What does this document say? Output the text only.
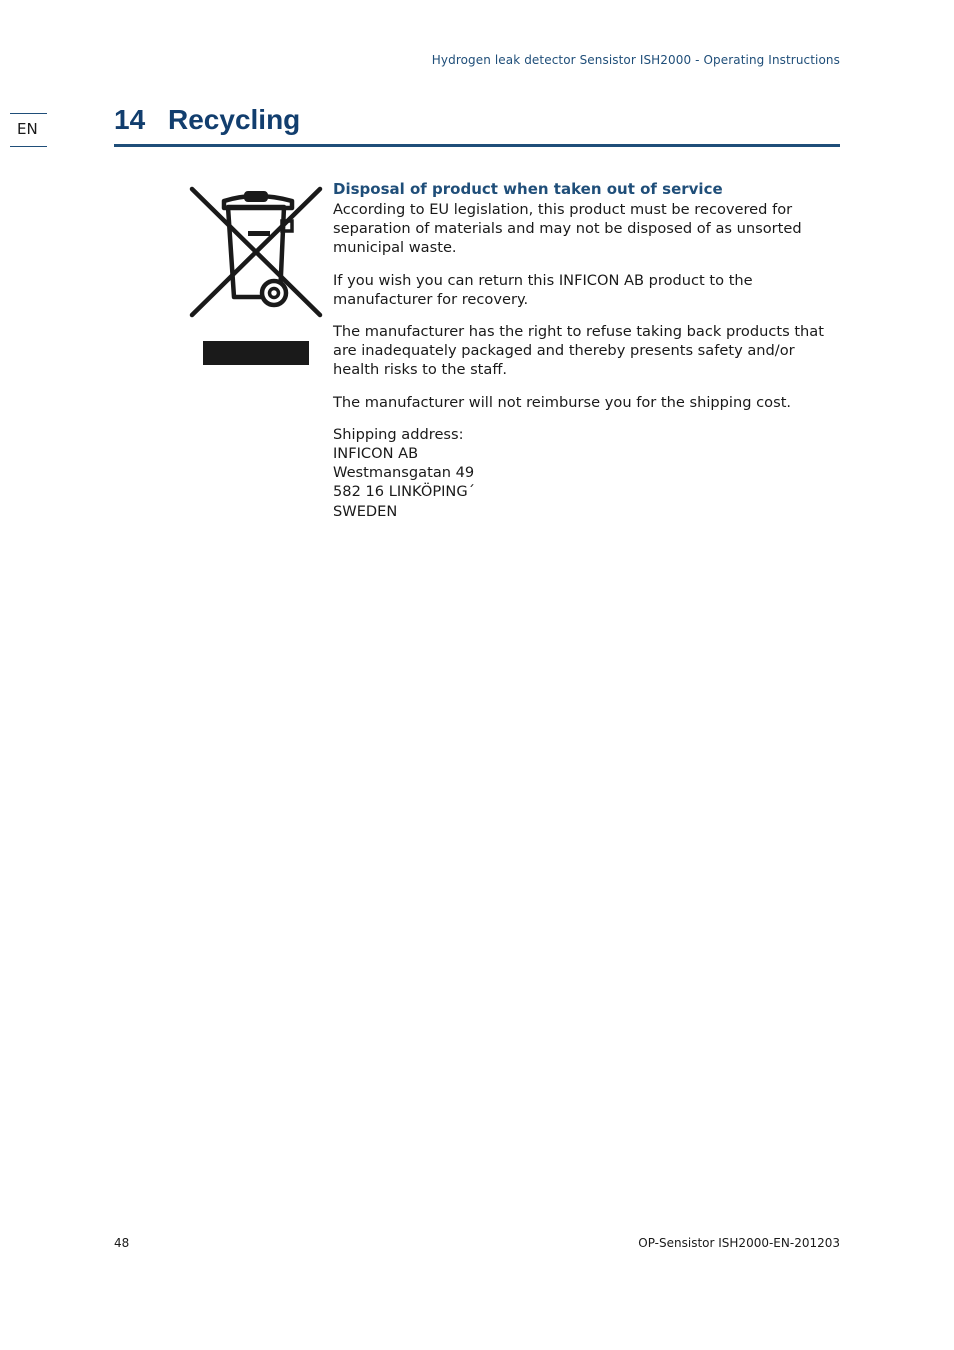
Hydrogen leak detector Sensistor ISH2000 - Operating Instructions
EN	14 Recycling
Disposal of product when taken out of service

According to EU legislation, this product must be recovered for separation of materials and may not be disposed of as unsorted municipal waste.

If you wish you can return this INFICON AB product to the manufacturer for recovery.

The manufacturer has the right to refuse taking back products that are inadequately packaged and thereby presents safety and/or health risks to the staff.

The manufacturer will not reimburse you for the shipping cost.

Shipping address:
INFICON AB
Westmansgatan 49
582 16 LINKÖPING´
SWEDEN
48	OP-Sensistor ISH2000-EN-201203
